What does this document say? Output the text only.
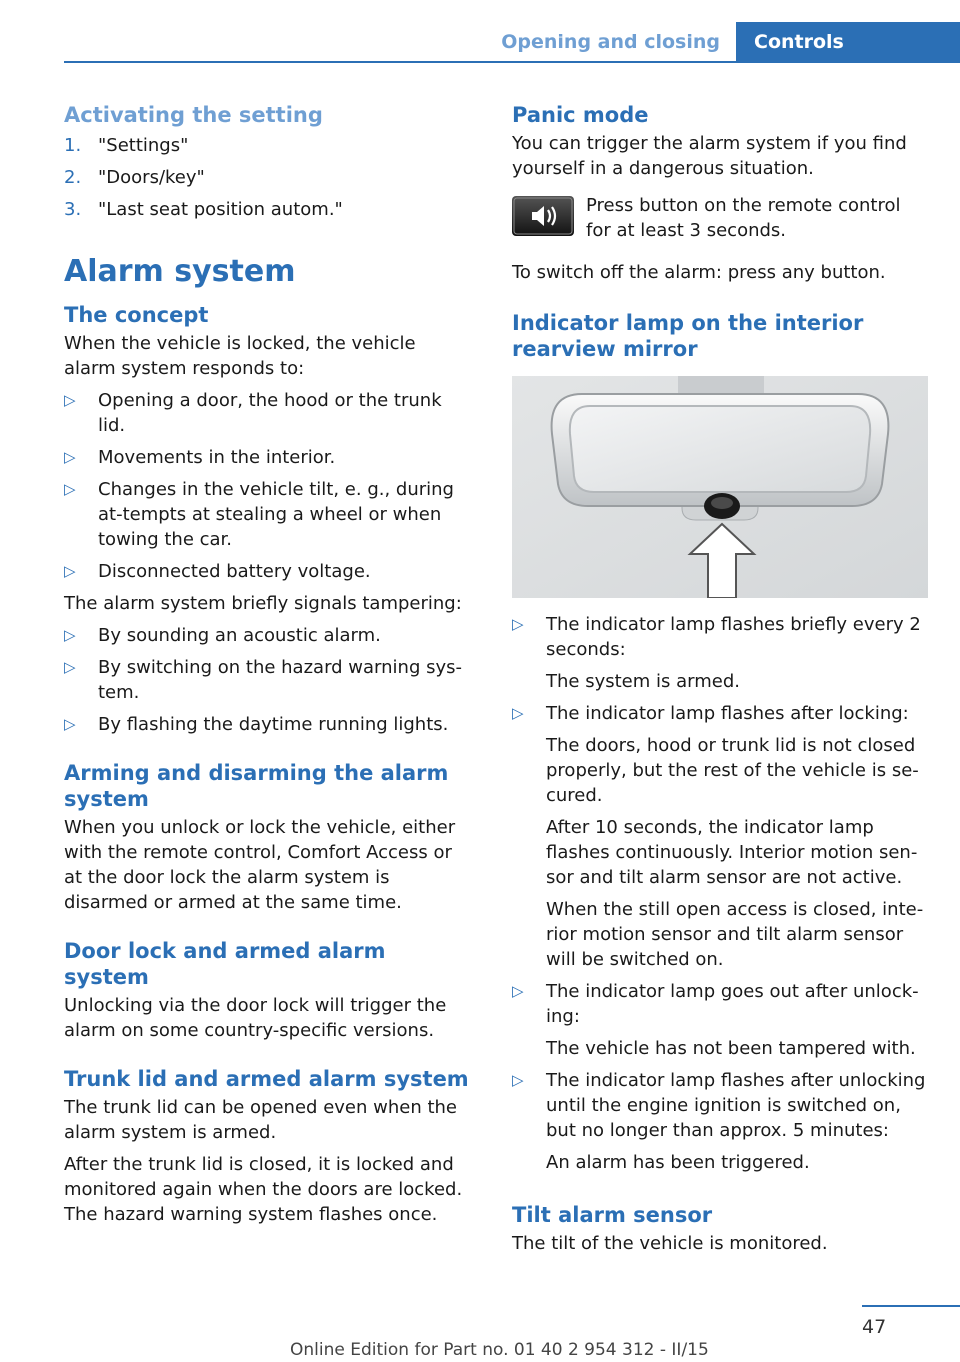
Opening and closing	Controls
Activating the setting
1. "Settings"
2. "Doors/key"
3. "Last seat position autom."
Alarm system
The concept

When the vehicle is locked, the vehicle alarm system responds to:

▷	Opening a door, the hood or the trunk lid.
▷	Movements in the interior.
▷	Changes in the vehicle tilt, e. g., during at-tempts at stealing a wheel or when towing the car.
▷	Disconnected battery voltage.

The alarm system briefly signals tampering:

▷	By sounding an acoustic alarm.
▷	By switching on the hazard warning sys-tem.
▷	By flashing the daytime running lights.
Arming and disarming the alarm system

When you unlock or lock the vehicle, either with the remote control, Comfort Access or at the door lock the alarm system is disarmed or armed at the same time.

Door lock and armed alarm system

Unlocking via the door lock will trigger the alarm on some country-specific versions.

Trunk lid and armed alarm system

The trunk lid can be opened even when the alarm system is armed.

After the trunk lid is closed, it is locked and monitored again when the doors are locked. The hazard warning system flashes once.

Panic mode

You can trigger the alarm system if you find yourself in a dangerous situation.

Press button on the remote control for at least 3 seconds.

To switch off the alarm: press any button.

Indicator lamp on the interior rearview mirror
▷	The indicator lamp flashes briefly every 2 seconds:
The system is armed.
▷	The indicator lamp flashes after locking:
The doors, hood or trunk lid is not closed properly, but the rest of the vehicle is se-cured.
After 10 seconds, the indicator lamp flashes continuously. Interior motion sen-sor and tilt alarm sensor are not active.
When the still open access is closed, inte-rior motion sensor and tilt alarm sensor will be switched on.
▷	The indicator lamp goes out after unlock-ing:
The vehicle has not been tampered with.
▷	The indicator lamp flashes after unlocking until the engine ignition is switched on, but no longer than approx. 5 minutes:
An alarm has been triggered.
Tilt alarm sensor

The tilt of the vehicle is monitored.

47
Online Edition for Part no. 01 40 2 954 312 - II/15
